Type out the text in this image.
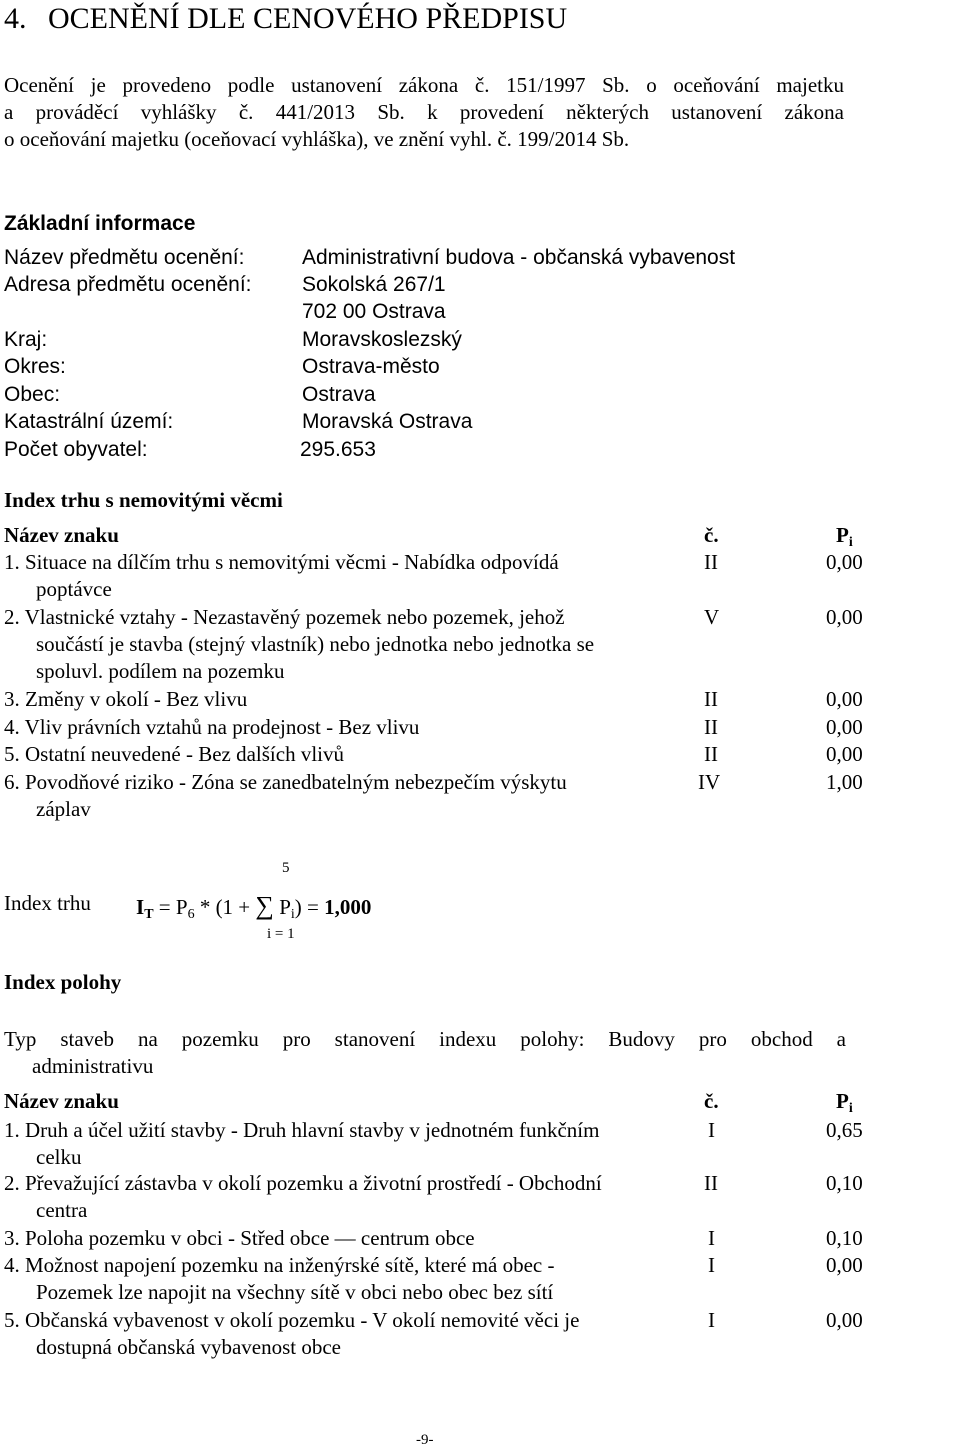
4. OCENĚNÍ DLE CENOVÉHO PŘEDPISU
Ocenění je provedeno podle ustanovení zákona č. 151/1997 Sb. o oceňování majetku
a prováděcí vyhlášky č. 441/2013 Sb. k provedení některých ustanovení zákona
o oceňování majetku (oceňovací vyhláška), ve znění vyhl. č. 199/2014 Sb.
Základní informace
Název předmětu ocenění:	Administrativní budova - občanská vybavenost
Adresa předmětu ocenění: Sokolská 267/1
702 00 Ostrava
Kraj:	Moravskoslezský
Okres:	Ostrava-město
Obec:	Ostrava
Katastrální území:	Moravská Ostrava
Počet obyvatel:	295.653
Index trhu s nemovitými věcmi
Název znaku	č.	$P_i$
1. Situace na dílčím trhu s nemovitými věcmi - Nabídka odpovídá
poptávce
II	0,00
2. Vlastnické vztahy - Nezastavěný pozemek nebo pozemek, jehož
součástí je stavba (stejný vlastník) nebo jednotka nebo jednotka se
spoluvl. podílem na pozemku
V	0,00
3. Změny v okolí - Bez vlivu	II	0,00
4. Vliv právních vztahů na prodejnost - Bez vlivu	II	0,00
5. Ostatní neuvedené - Bez dalších vlivů	II	0,00
6. Povodňové riziko - Zóna se zanedbatelným nebezpečím výskytu
záplav
IV	1,00
Index trhu
5
i = 1
$I_T = P_6 * (1$ + ∑ $P_i) = 1,000$
Index polohy
Typ staveb na pozemku pro stanovení indexu polohy: Budovy pro obchod a
administrativu
Název znaku	č.	$P_i$
1. Druh a účel užití stavby - Druh hlavní stavby v jednotném funkčním
celku
I	0,65
2. Převažující zástavba v okolí pozemku a životní prostředí - Obchodní
centra
II	0,10
3. Poloha pozemku v obci - Střed obce — centrum obce	I	0,10
4. Možnost napojení pozemku na inženýrské sítě, které má obec -
Pozemek lze napojit na všechny sítě v obci nebo obec bez sítí
I	0,00
5. Občanská vybavenost v okolí pozemku - V okolí nemovité věci je
dostupná občanská vybavenost obce
I	0,00
-9-
